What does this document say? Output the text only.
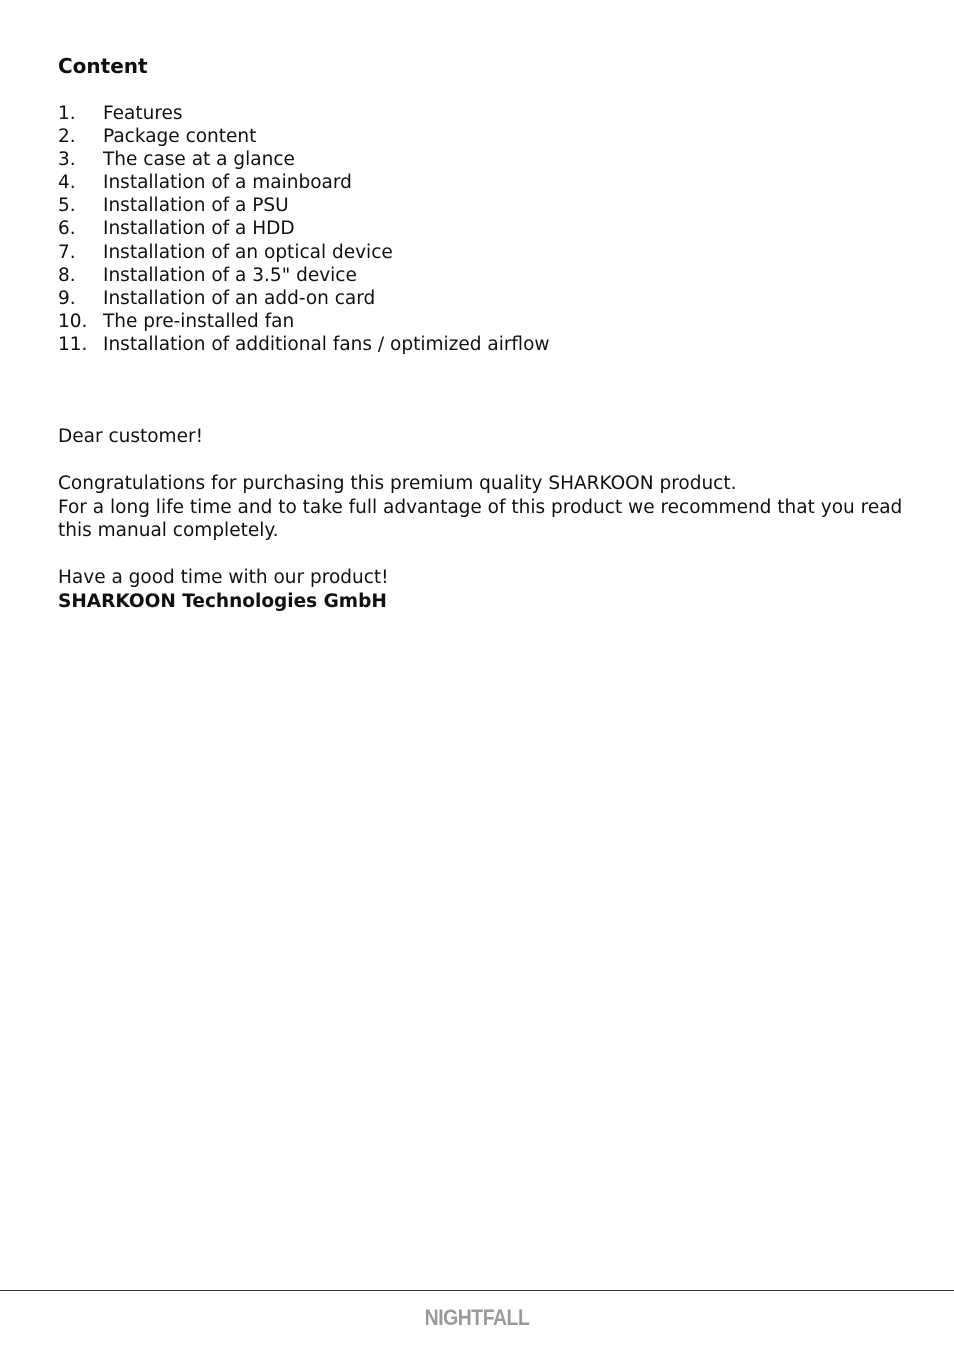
Content
1.	Features
2.	Package content
3.	The case at a glance
4.	Installation of a mainboard
5.	Installation of a PSU
6.	Installation of a HDD
7.	Installation of an optical device
8.	Installation of a 3.5" device
9.	Installation of an add-on card
10. The pre-installed fan
11. Installation of additional fans / optimized airflow

Dear customer!

Congratulations for purchasing this premium quality SHARKOON product.
For a long life time and to take full advantage of this product we recommend that you read this manual completely.

Have a good time with our product!
SHARKOON Technologies GmbH

NIGHTFALL
